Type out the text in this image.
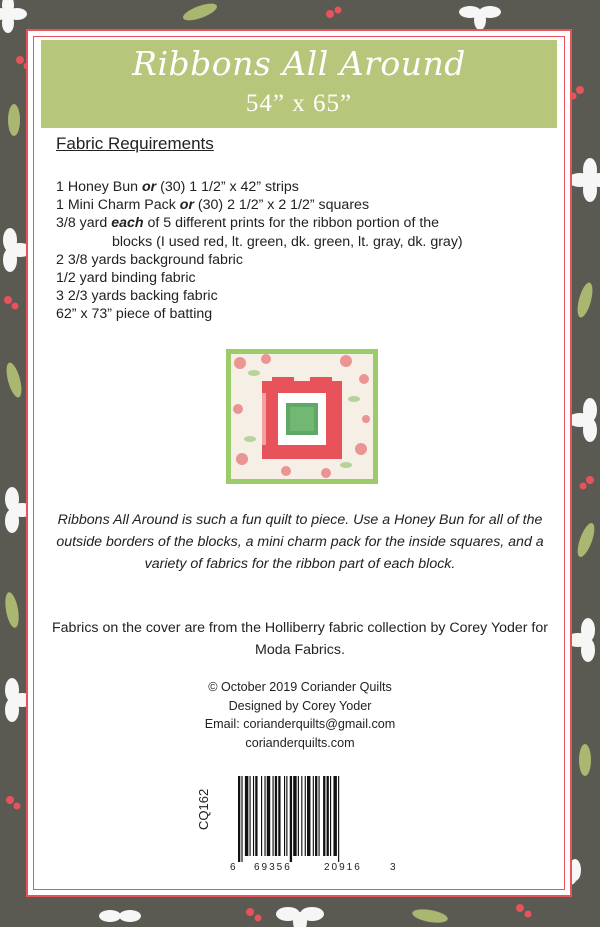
Ribbons All Around
54” x 65”
Fabric Requirements
1 Honey Bun or (30) 1 1/2” x 42” strips
1 Mini Charm Pack or (30) 2 1/2” x 2 1/2” squares
3/8 yard each of 5 different prints for the ribbon portion of the
blocks (I used red, lt. green, dk. green, lt. gray, dk. gray)
2 3/8 yards background fabric
1/2 yard binding fabric
3 2/3 yards backing fabric
62” x 73” piece of batting
Ribbons All Around is such a fun quilt to piece. Use a Honey Bun for all of the outside borders of the blocks, a mini charm pack for the inside squares, and a variety of fabrics for the ribbon part of each block.
Fabrics on the cover are from the Holliberry fabric collection by Corey Yoder for Moda Fabrics.
© October 2019 Coriander Quilts
Designed by Corey Yoder
Email: corianderquilts@gmail.com
corianderquilts.com
CQ162
6 69356	20916	3
